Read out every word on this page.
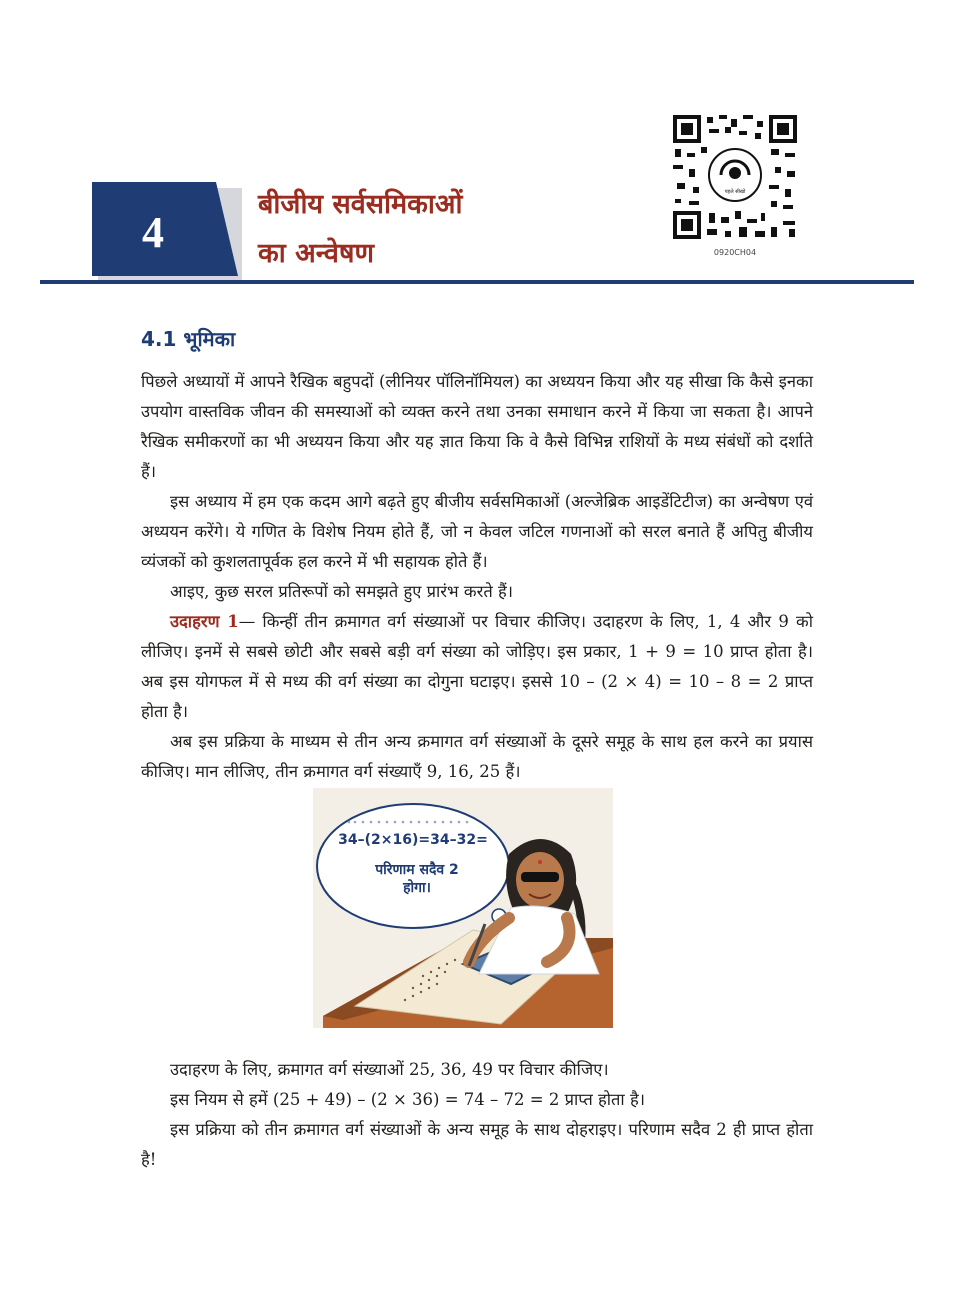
4
बीजीय सर्वसमिकाओं
का अन्वेषण
पहले सीखो
0920CH04
4.1 भूमिका

पिछले अध्यायों में आपने रैखिक बहुपदों (लीनियर पॉलिनॉमियल) का अध्ययन किया और यह सीखा कि कैसे इनका उपयोग वास्तविक जीवन की समस्याओं को व्यक्त करने तथा उनका समाधान करने में किया जा सकता है। आपने रैखिक समीकरणों का भी अध्ययन किया और यह ज्ञात किया कि वे कैसे विभिन्न राशियों के मध्य संबंधों को दर्शाते हैं।

इस अध्याय में हम एक कदम आगे बढ़ते हुए बीजीय सर्वसमिकाओं (अल्जेब्रिक आइडेंटिटीज) का अन्वेषण एवं अध्ययन करेंगे। ये गणित के विशेष नियम होते हैं, जो न केवल जटिल गणनाओं को सरल बनाते हैं अपितु बीजीय व्यंजकों को कुशलतापूर्वक हल करने में भी सहायक होते हैं।

आइए, कुछ सरल प्रतिरूपों को समझते हुए प्रारंभ करते हैं।

उदाहरण 1— किन्हीं तीन क्रमागत वर्ग संख्याओं पर विचार कीजिए। उदाहरण के लिए, 1, 4 और 9 को लीजिए। इनमें से सबसे छोटी और सबसे बड़ी वर्ग संख्या को जोड़िए। इस प्रकार, 1 + 9 = 10 प्राप्त होता है। अब इस योगफल में से मध्य की वर्ग संख्या का दोगुना घटाइए। इससे 10 – (2 × 4) = 10 – 8 = 2 प्राप्त होता है।

अब इस प्रक्रिया के माध्यम से तीन अन्य क्रमागत वर्ग संख्याओं के दूसरे समूह के साथ हल करने का प्रयास कीजिए। मान लीजिए, तीन क्रमागत वर्ग संख्याएँ 9, 16, 25 हैं।

34–(2×16)=34–32=
परिणाम सदैव 2
होगा।

उदाहरण के लिए, क्रमागत वर्ग संख्याओं 25, 36, 49 पर विचार कीजिए।

इस नियम से हमें (25 + 49) – (2 × 36) = 74 – 72 = 2 प्राप्त होता है।

इस प्रक्रिया को तीन क्रमागत वर्ग संख्याओं के अन्य समूह के साथ दोहराइए। परिणाम सदैव 2 ही प्राप्त होता है!
